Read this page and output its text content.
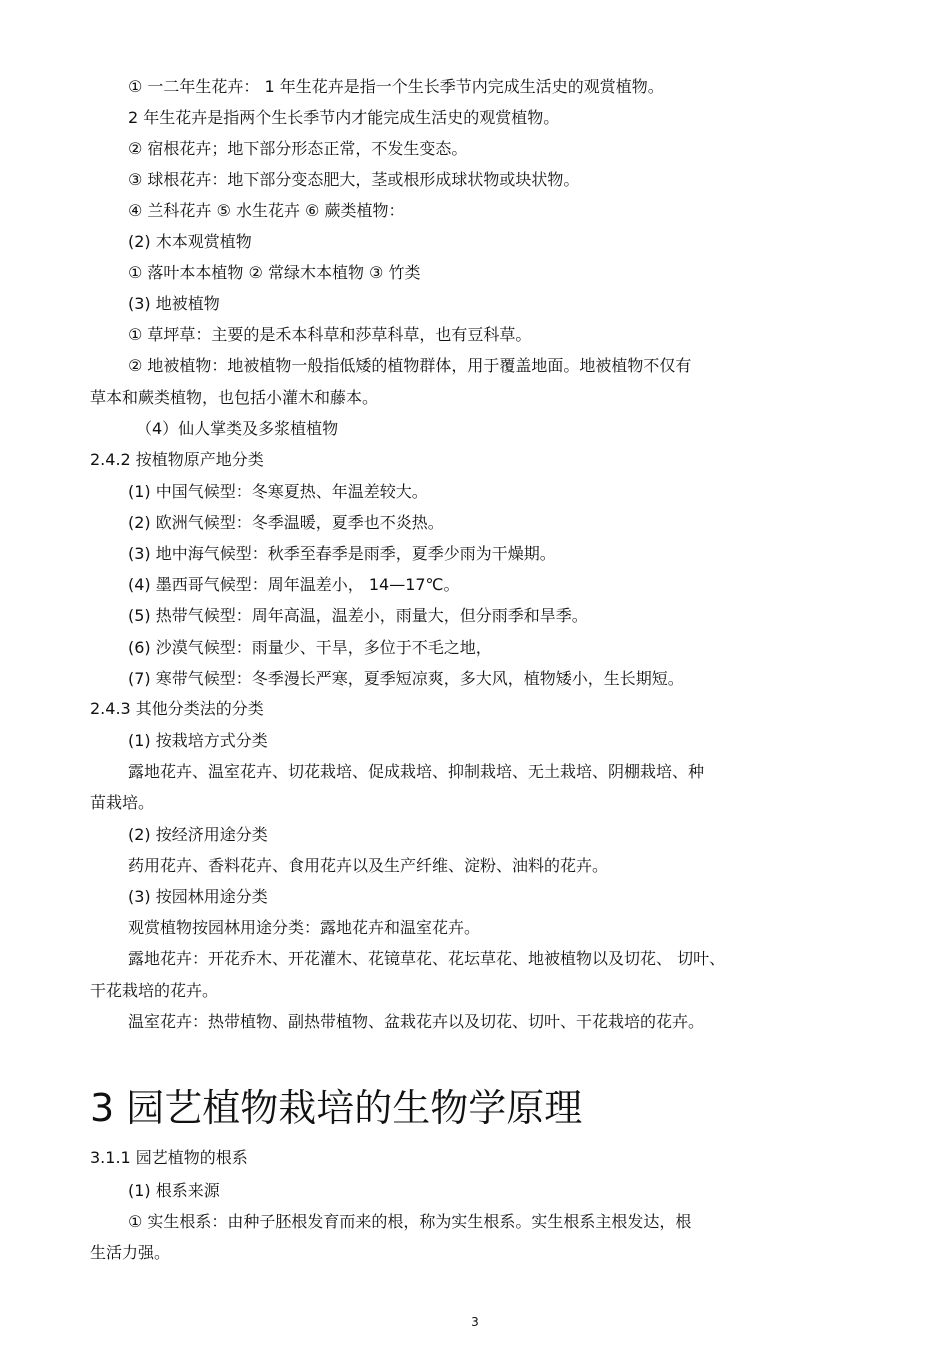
① 一二年生花卉： 1 年生花卉是指一个生长季节内完成生活史的观赏植物。
2 年生花卉是指两个生长季节内才能完成生活史的观赏植物。
② 宿根花卉；地下部分形态正常，不发生变态。
③ 球根花卉：地下部分变态肥大，茎或根形成球状物或块状物。
④ 兰科花卉 ⑤ 水生花卉 ⑥ 蕨类植物：
(2) 木本观赏植物
① 落叶本本植物 ② 常绿木本植物 ③ 竹类
(3) 地被植物
① 草坪草：主要的是禾本科草和莎草科草，也有豆科草。
② 地被植物：地被植物一般指低矮的植物群体，用于覆盖地面。地被植物不仅有
草本和蕨类植物，也包括小灌木和藤本。
（4）仙人掌类及多浆植植物
2.4.2 按植物原产地分类
(1) 中国气候型：冬寒夏热、年温差较大。
(2) 欧洲气候型：冬季温暖，夏季也不炎热。
(3) 地中海气候型：秋季至春季是雨季，夏季少雨为干燥期。
(4) 墨西哥气候型：周年温差小， 14—17℃。
(5) 热带气候型：周年高温，温差小，雨量大，但分雨季和旱季。
(6) 沙漠气候型：雨量少、干旱，多位于不毛之地，
(7) 寒带气候型：冬季漫长严寒，夏季短凉爽，多大风，植物矮小，生长期短。
2.4.3 其他分类法的分类
(1) 按栽培方式分类
露地花卉、温室花卉、切花栽培、促成栽培、抑制栽培、无土栽培、阴棚栽培、种
苗栽培。
(2) 按经济用途分类
药用花卉、香料花卉、食用花卉以及生产纤维、淀粉、油料的花卉。
(3) 按园林用途分类
观赏植物按园林用途分类：露地花卉和温室花卉。
露地花卉：开花乔木、开花灌木、花镜草花、花坛草花、地被植物以及切花、 切叶、
干花栽培的花卉。
温室花卉：热带植物、副热带植物、盆栽花卉以及切花、切叶、干花栽培的花卉。
3 园艺植物栽培的生物学原理
3.1.1 园艺植物的根系
(1) 根系来源
① 实生根系：由种子胚根发育而来的根，称为实生根系。实生根系主根发达，根
生活力强。
3
